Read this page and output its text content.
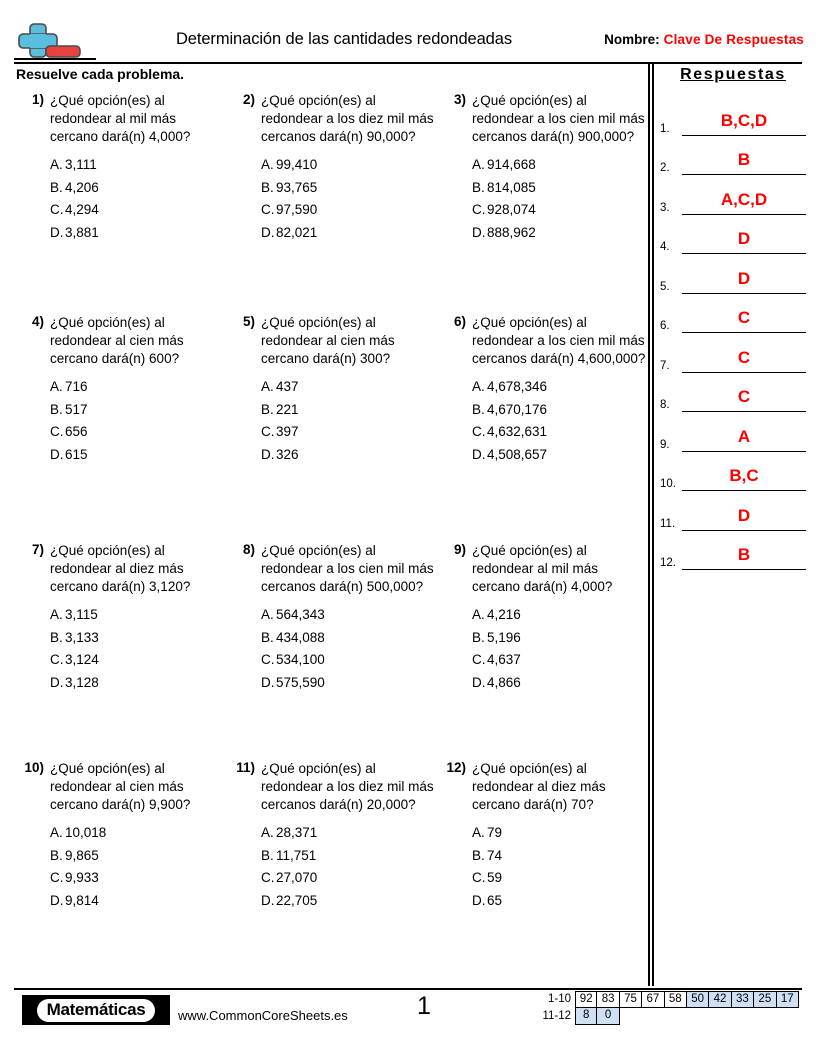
Determinación de las cantidades redondeadas	Nombre: Clave De Respuestas
Resuelve cada problema.
1) ¿Qué opción(es) al redondear al mil más cercano dará(n) 4,000?
A. 3,111
B. 4,206
C. 4,294
D. 3,881
2) ¿Qué opción(es) al redondear a los diez mil más cercanos dará(n) 90,000?
A. 99,410
B. 93,765
C. 97,590
D. 82,021
3) ¿Qué opción(es) al redondear a los cien mil más cercanos dará(n) 900,000?
A. 914,668
B. 814,085
C. 928,074
D. 888,962
4) ¿Qué opción(es) al redondear al cien más cercano dará(n) 600?
A. 716
B. 517
C. 656
D. 615
5) ¿Qué opción(es) al redondear al cien más cercano dará(n) 300?
A. 437
B. 221
C. 397
D. 326
6) ¿Qué opción(es) al redondear a los cien mil más cercanos dará(n) 4,600,000?
A. 4,678,346
B. 4,670,176
C. 4,632,631
D. 4,508,657
7) ¿Qué opción(es) al redondear al diez más cercano dará(n) 3,120?
A. 3,115
B. 3,133
C. 3,124
D. 3,128
8) ¿Qué opción(es) al redondear a los cien mil más cercanos dará(n) 500,000?
A. 564,343
B. 434,088
C. 534,100
D. 575,590
9) ¿Qué opción(es) al redondear al mil más cercano dará(n) 4,000?
A. 4,216
B. 5,196
C. 4,637
D. 4,866
10) ¿Qué opción(es) al redondear al cien más cercano dará(n) 9,900?
A. 10,018
B. 9,865
C. 9,933
D. 9,814
11) ¿Qué opción(es) al redondear a los diez mil más cercanos dará(n) 20,000?
A. 28,371
B. 11,751
C. 27,070
D. 22,705
12) ¿Qué opción(es) al redondear al diez más cercano dará(n) 70?
A. 79
B. 74
C. 59
D. 65
Respuestas
1.	B,C,D
2.	B
3.	A,C,D
4.	D
5.	D
6.	C
7.	C
8.	C
9.	A
10.	B,C
11.	D
12.	B
Matemáticas	www.CommonCoreSheets.es	1	1-10 92 83 75 67 58 50 42 33 25 17
11-12	8	0
